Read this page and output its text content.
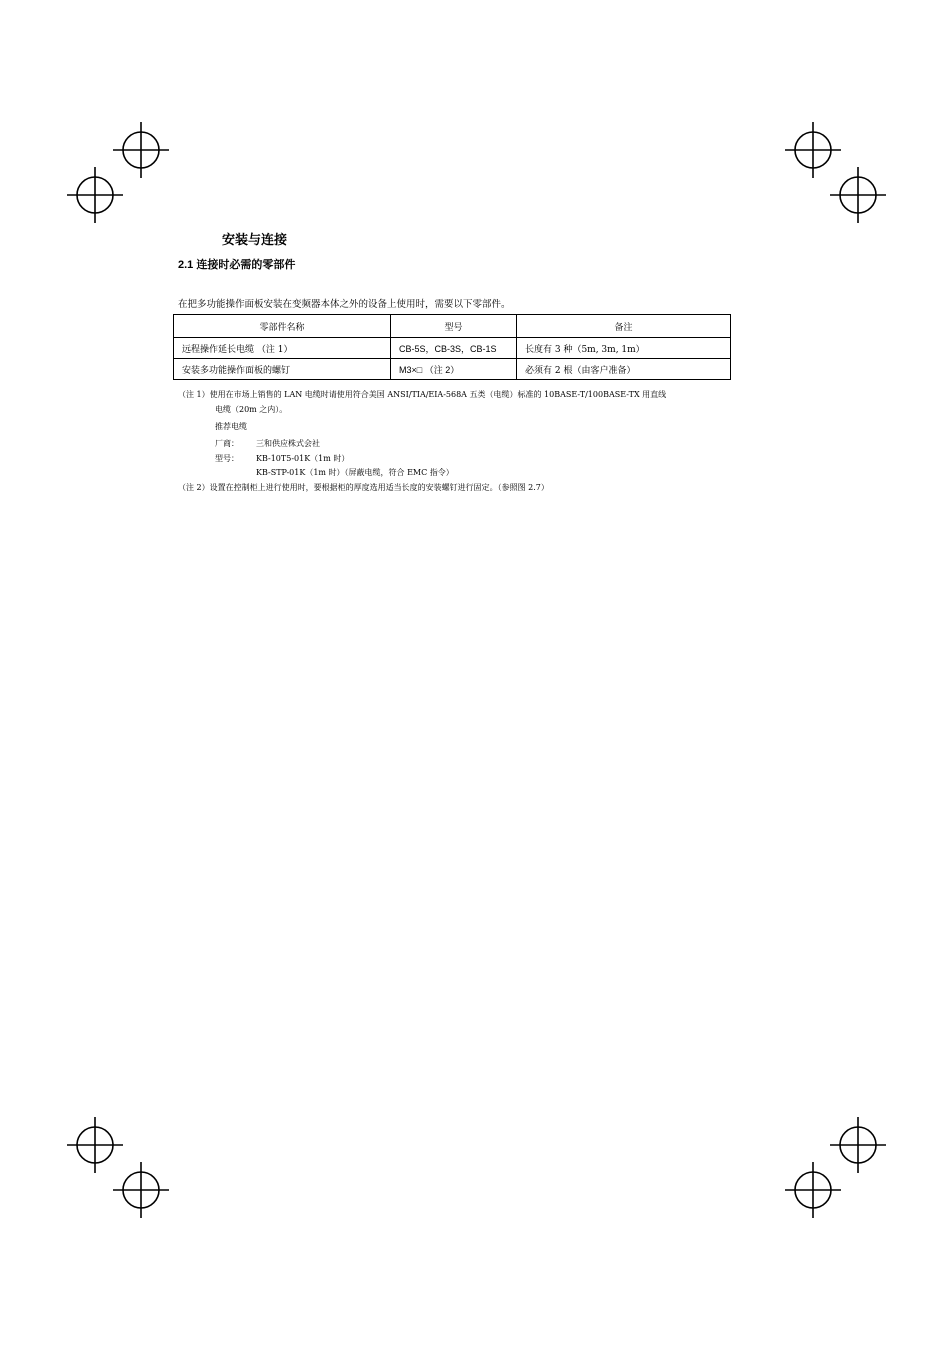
安装与连接
2.1 连接时必需的零部件
在把多功能操作面板安装在变频器本体之外的设备上使用时，需要以下零部件。
零部件名称	型号	备注
远程操作延长电缆 （注 1）	CB-5S，CB-3S，CB-1S	长度有 3 种（5m, 3m, 1m）
安装多功能操作面板的螺钉	M3×□ （注 2）	必须有 2 根（由客户准备）
（注 1）使用在市场上销售的 LAN 电缆时请使用符合美国 ANSI/TIA/EIA-568A 五类（电缆）标准的 10BASE-T/100BASE-TX 用直线
电缆（20m 之内）。
推荐电缆
厂商： 三和供应株式会社
型号： KB-10T5-01K（1m 时）
KB-STP-01K（1m 时）（屏蔽电缆，符合 EMC 指令）
（注 2）设置在控制柜上进行使用时，要根据柜的厚度选用适当长度的安装螺钉进行固定。（参照图 2.7）
